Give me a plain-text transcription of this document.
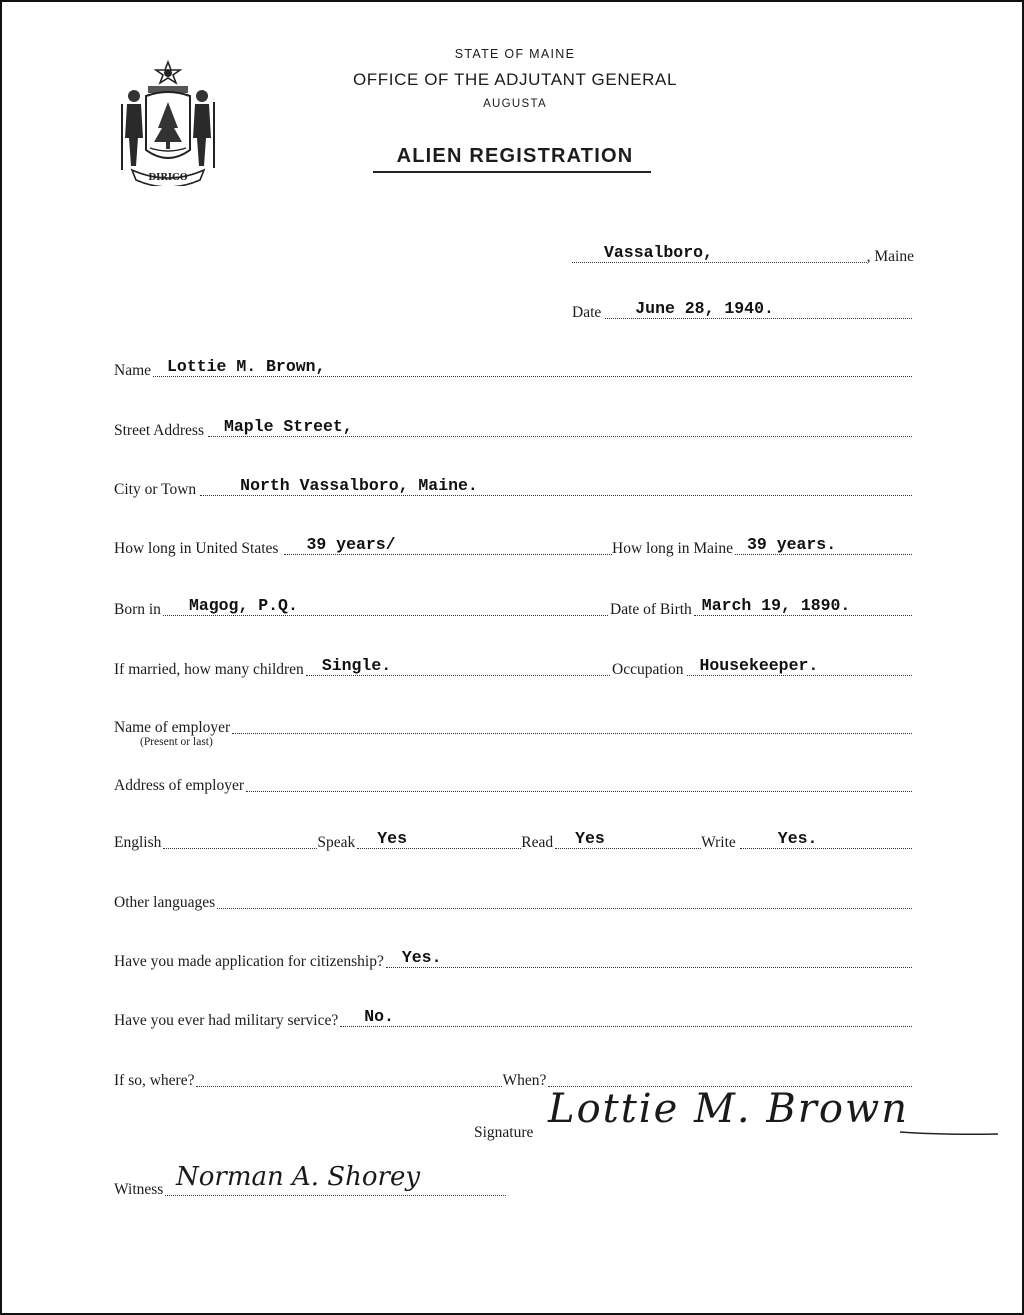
DIRIGO
STATE OF MAINE
OFFICE OF THE ADJUTANT GENERAL
AUGUSTA
ALIEN REGISTRATION
Vassalboro,	, Maine
Date June 28, 1940.
Name Lottie M. Brown,
Street Address Maple Street,
City or Town	North Vassalboro, Maine.
How long in United States 39 years/	How long in Maine 39 years.
Born in Magog, P.Q.	Date of Birth March 19, 1890.
If married, how many children Single.	Occupation Housekeeper.
Name of employer
(Present or last)
Address of employer
English	Speak Yes	Read Yes	Write	Yes.
Other languages
Have you made application for citizenship? Yes.
Have you ever had military service? No.
If so, where?	When?
Signature
Lottie M. Brown
Witness Norman A. Shorey
